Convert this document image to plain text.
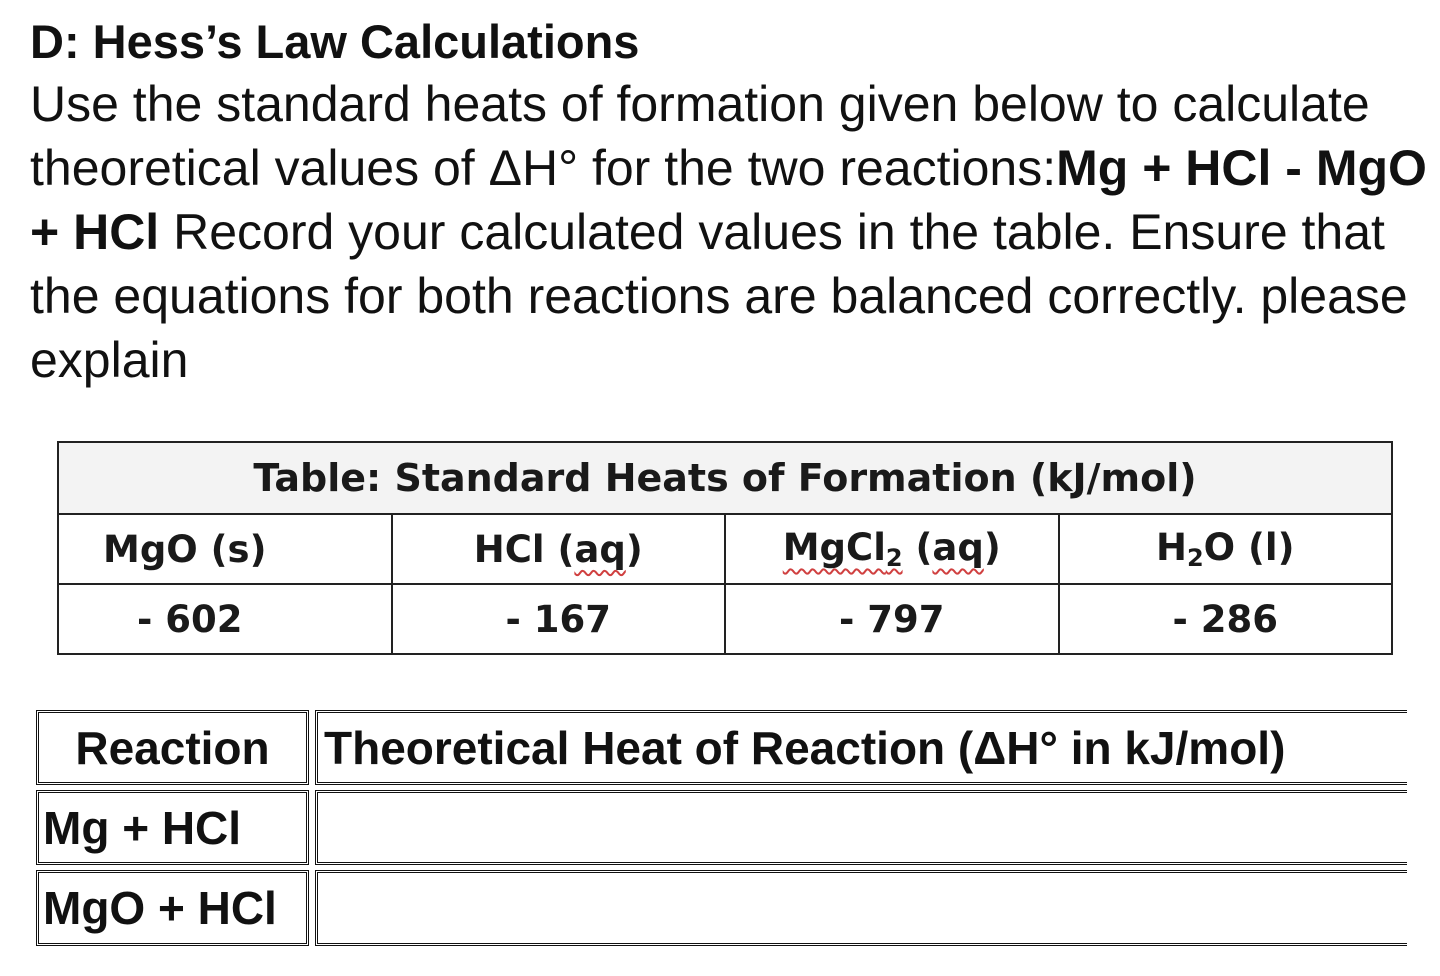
D: Hess’s Law Calculations

Use the standard heats of formation given below to calculate theoretical values of ΔH° for the two reactions:Mg + HCl - MgO + HCl Record your calculated values in the table. Ensure that the equations for both reactions are balanced correctly. please explain

Table: Standard Heats of Formation (kJ/mol)			
MgO (s)	HCl (aq)	MgCl$_2$ (aq)	$H_2O$ (l)
- 602	- 167	- 797	- 286
Reaction	Theoretical Heat of Reaction (ΔH° in kJ/mol)
Mg + HCl
MgO + HCl
